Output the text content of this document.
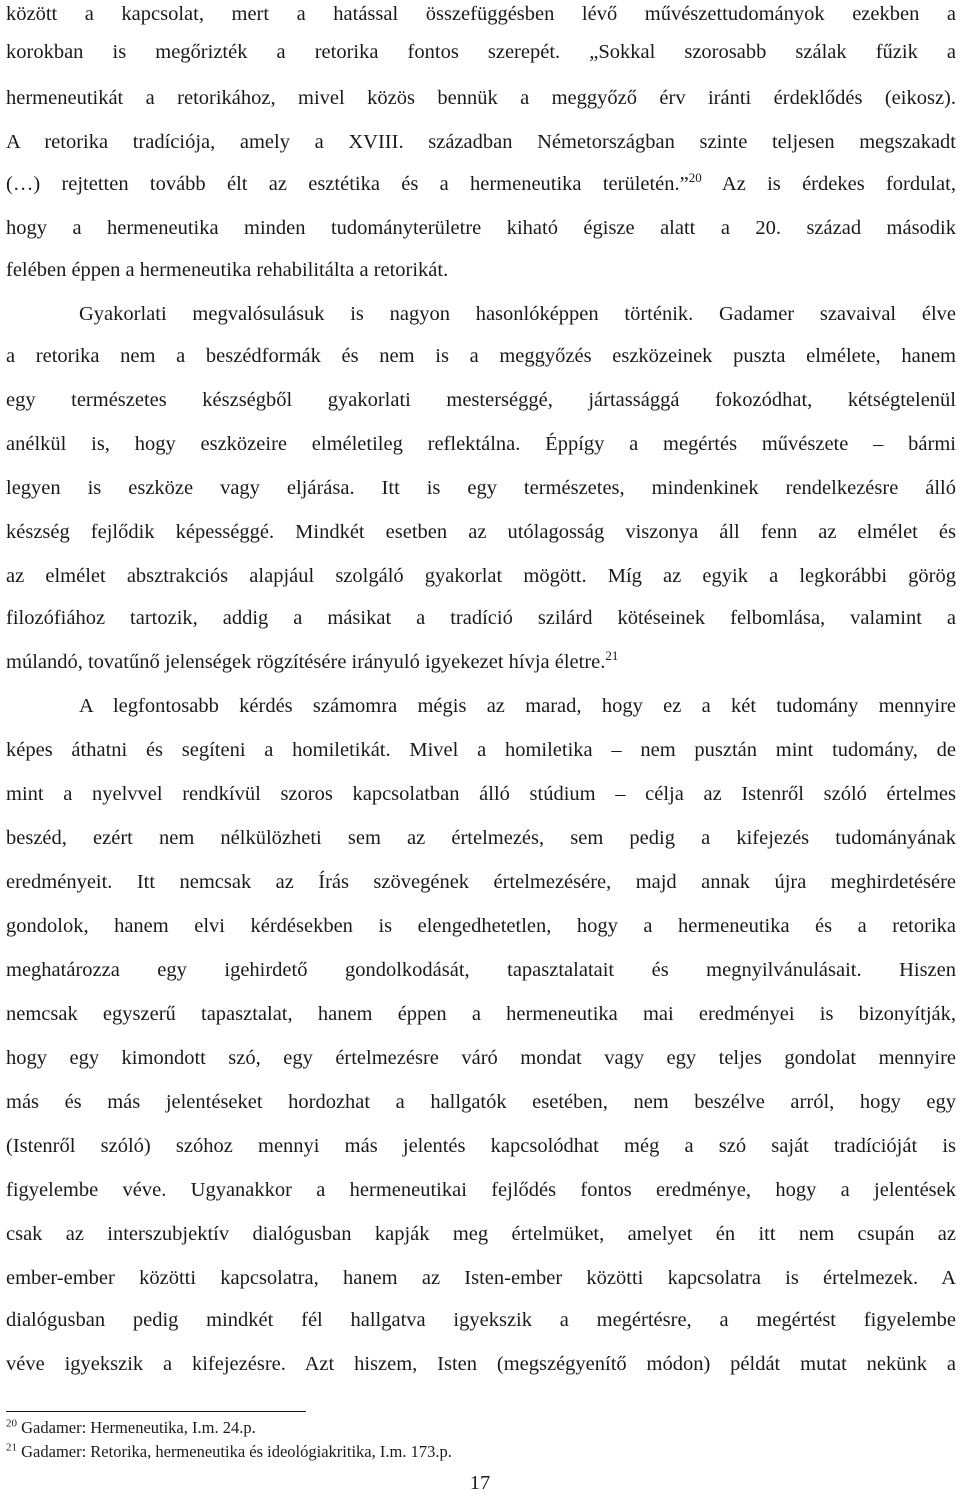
között a kapcsolat, mert a hatással összefüggésben lévő művészettudományok ezekben a
korokban is megőrizték a retorika fontos szerepét. „Sokkal szorosabb szálak fűzik a
hermeneutikát a retorikához, mivel közös bennük a meggyőző érv iránti érdeklődés (eikosz).
A retorika tradíciója, amely a XVIII. században Németországban szinte teljesen megszakadt
(…) rejtetten tovább élt az esztétika és a hermeneutika területén.”$^{20}$ Az is érdekes fordulat,
hogy a hermeneutika minden tudományterületre kiható égisze alatt a 20. század második
felében éppen a hermeneutika rehabilitálta a retorikát.
Gyakorlati megvalósulásuk is nagyon hasonlóképpen történik. Gadamer szavaival élve
a retorika nem a beszédformák és nem is a meggyőzés eszközeinek puszta elmélete, hanem
egy természetes készségből gyakorlati mesterséggé, jártassággá fokozódhat, kétségtelenül
anélkül is, hogy eszközeire elméletileg reflektálna. Éppígy a megértés művészete – bármi
legyen is eszköze vagy eljárása. Itt is egy természetes, mindenkinek rendelkezésre álló
készség fejlődik képességgé. Mindkét esetben az utólagosság viszonya áll fenn az elmélet és
az elmélet absztrakciós alapjául szolgáló gyakorlat mögött. Míg az egyik a legkorábbi görög
filozófiához tartozik, addig a másikat a tradíció szilárd kötéseinek felbomlása, valamint a
múlandó, tovatűnő jelenségek rögzítésére irányuló igyekezet hívja életre.$^{21}$
A legfontosabb kérdés számomra mégis az marad, hogy ez a két tudomány mennyire
képes áthatni és segíteni a homiletikát. Mivel a homiletika – nem pusztán mint tudomány, de
mint a nyelvvel rendkívül szoros kapcsolatban álló stúdium – célja az Istenről szóló értelmes
beszéd, ezért nem nélkülözheti sem az értelmezés, sem pedig a kifejezés tudományának
eredményeit. Itt nemcsak az Írás szövegének értelmezésére, majd annak újra meghirdetésére
gondolok, hanem elvi kérdésekben is elengedhetetlen, hogy a hermeneutika és a retorika
meghatározza egy igehirdető gondolkodását, tapasztalatait és megnyilvánulásait. Hiszen
nemcsak egyszerű tapasztalat, hanem éppen a hermeneutika mai eredményei is bizonyítják,
hogy egy kimondott szó, egy értelmezésre váró mondat vagy egy teljes gondolat mennyire
más és más jelentéseket hordozhat a hallgatók esetében, nem beszélve arról, hogy egy
(Istenről szóló) szóhoz mennyi más jelentés kapcsolódhat még a szó saját tradícióját is
figyelembe véve. Ugyanakkor a hermeneutikai fejlődés fontos eredménye, hogy a jelentések
csak az interszubjektív dialógusban kapják meg értelmüket, amelyet én itt nem csupán az
ember-ember közötti kapcsolatra, hanem az Isten-ember közötti kapcsolatra is értelmezek. A
dialógusban pedig mindkét fél hallgatva igyekszik a megértésre, a megértést figyelembe
véve igyekszik a kifejezésre. Azt hiszem, Isten (megszégyenítő módon) példát mutat nekünk a
$^{20}$ Gadamer: Hermeneutika, I.m. 24.p.
$^{21}$ Gadamer: Retorika, hermeneutika és ideológiakritika, I.m. 173.p.
17
